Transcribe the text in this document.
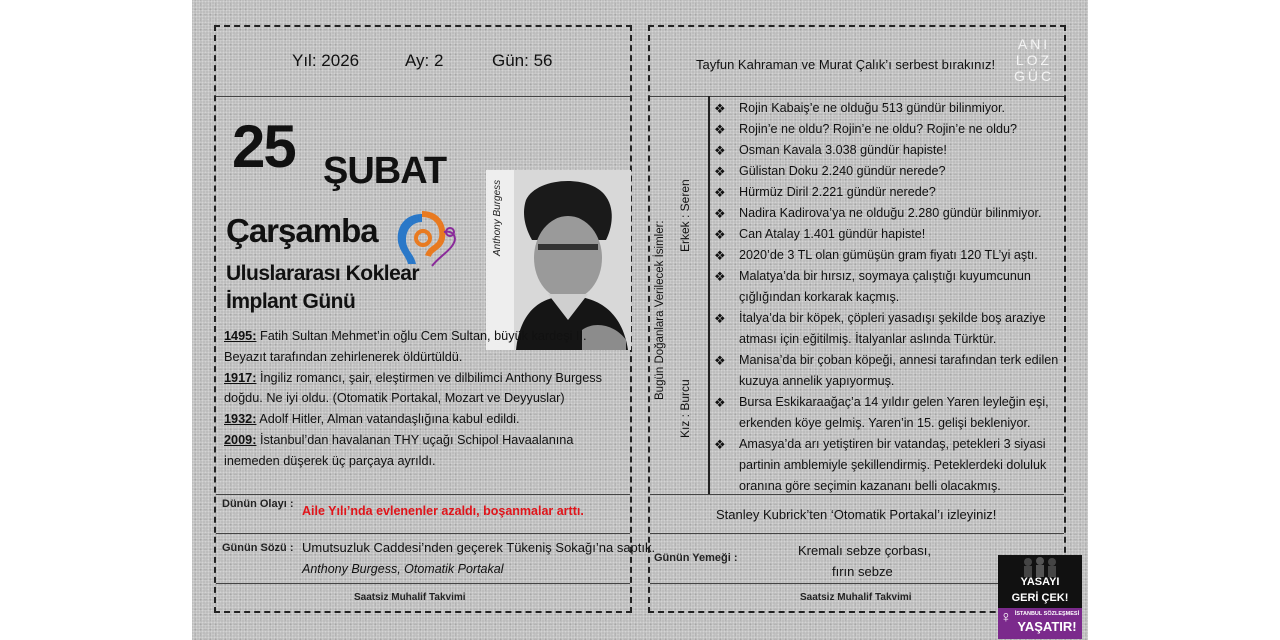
Yıl: 2026	Ay: 2	Gün: 56
25 ŞUBAT
Çarşamba
Uluslararası Koklear
İmplant Günü
Anthony Burgess
1495: Fatih Sultan Mehmet’in oğlu Cem Sultan, büyük kardeşi II. Beyazıt tarafından zehirlenerek öldürtüldü.
1917: İngiliz romancı, şair, eleştirmen ve dilbilimci Anthony Burgess doğdu. Ne iyi oldu. (Otomatik Portakal, Mozart ve Deyyuslar)
1932: Adolf Hitler, Alman vatandaşlığına kabul edildi.
2009: İstanbul’dan havalanan THY uçağı Schipol Havaalanına inemeden düşerek üç parçaya ayrıldı.
Dünün Olayı : Aile Yılı’nda evlenenler azaldı, boşanmalar arttı.
Günün Sözü : Umutsuzluk Caddesi’nden geçerek Tükeniş Sokağı’na saptık.
Anthony Burgess, Otomatik Portakal
Saatsiz Muhalif Takvimi
Tayfun Kahraman ve Murat Çalık’ı serbest bırakınız!
ANI
LOZ
GÜC
Bugün Doğanlara Verilecek İsimler:
Erkek : Seren
Kız : Burcu
❖ Rojin Kabaiş’e ne olduğu 513 gündür bilinmiyor.
❖ Rojin’e ne oldu? Rojin’e ne oldu? Rojin’e ne oldu?
❖ Osman Kavala 3.038 gündür hapiste!
❖ Gülistan Doku 2.240 gündür nerede?
❖ Hürmüz Diril 2.221 gündür nerede?
❖ Nadira Kadirova’ya ne olduğu 2.280 gündür bilinmiyor.
❖ Can Atalay 1.401 gündür hapiste!
❖ 2020’de 3 TL olan gümüşün gram fiyatı 120 TL’yi aştı.
❖ Malatya’da bir hırsız, soymaya çalıştığı kuyumcunun çığlığından korkarak kaçmış.
❖ İtalya’da bir köpek, çöpleri yasadışı şekilde boş araziye atması için eğitilmiş. İtalyanlar aslında Türktür.
❖ Manisa’da bir çoban köpeği, annesi tarafından terk edilen kuzuya annelik yapıyormuş.
❖ Bursa Eskikaraağaç’a 14 yıldır gelen Yaren leyleğin eşi, erkenden köye gelmiş. Yaren’in 15. gelişi bekleniyor.
❖ Amasya’da arı yetiştiren bir vatandaş, petekleri 3 siyasi partinin amblemiyle şekillendirmiş. Peteklerdeki doluluk oranına göre seçimin kazananı belli olacakmış.
Stanley Kubrick’ten ‘Otomatik Portakal’ı izleyiniz!
Günün Yemeği :	Kremalı sebze çorbası,
fırın sebze
Saatsiz Muhalif Takvimi
YASAYI
GERİ ÇEK!
♀ İSTANBUL SÖZLEŞMESİ
YAŞATIR!
